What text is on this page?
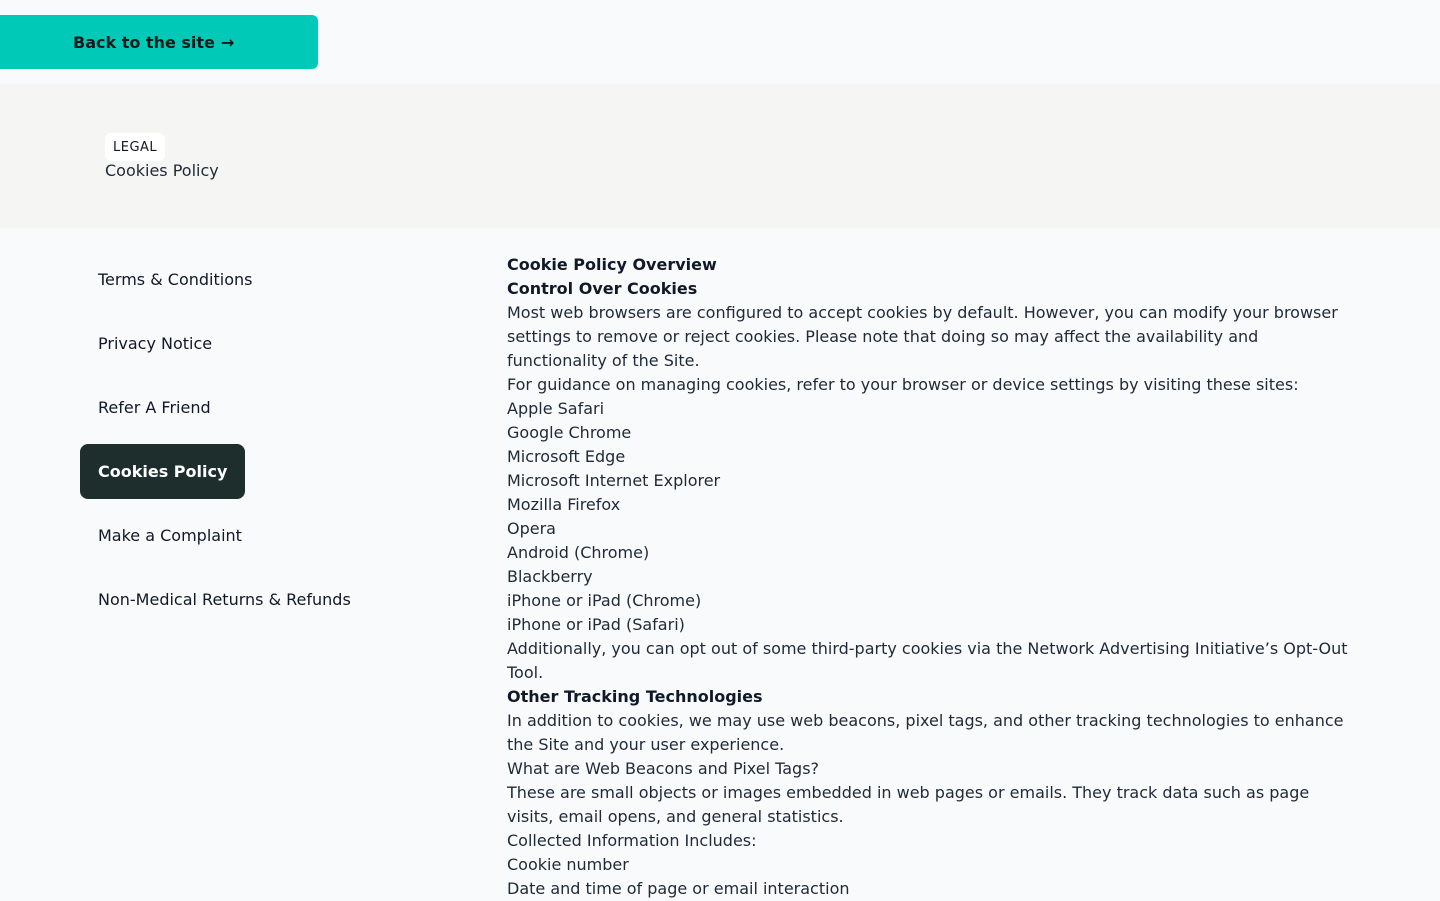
Back to the site →
LEGAL
Cookies Policy
Terms & Conditions
Privacy Notice
Refer A Friend
Cookies Policy
Make a Complaint
Non-Medical Returns & Refunds

Cookie Policy Overview

Control Over Cookies

Most web browsers are configured to accept cookies by default. However, you can modify your browser settings to remove or reject cookies. Please note that doing so may affect the availability and functionality of the Site.

For guidance on managing cookies, refer to your browser or device settings by visiting these sites:

Apple Safari

Google Chrome

Microsoft Edge

Microsoft Internet Explorer

Mozilla Firefox

Opera

Android (Chrome)

Blackberry

iPhone or iPad (Chrome)

iPhone or iPad (Safari)

Additionally, you can opt out of some third-party cookies via the Network Advertising Initiative’s Opt-Out Tool.

Other Tracking Technologies

In addition to cookies, we may use web beacons, pixel tags, and other tracking technologies to enhance the Site and your user experience.

What are Web Beacons and Pixel Tags?

These are small objects or images embedded in web pages or emails. They track data such as page visits, email opens, and general statistics.

Collected Information Includes:

Cookie number

Date and time of page or email interaction
